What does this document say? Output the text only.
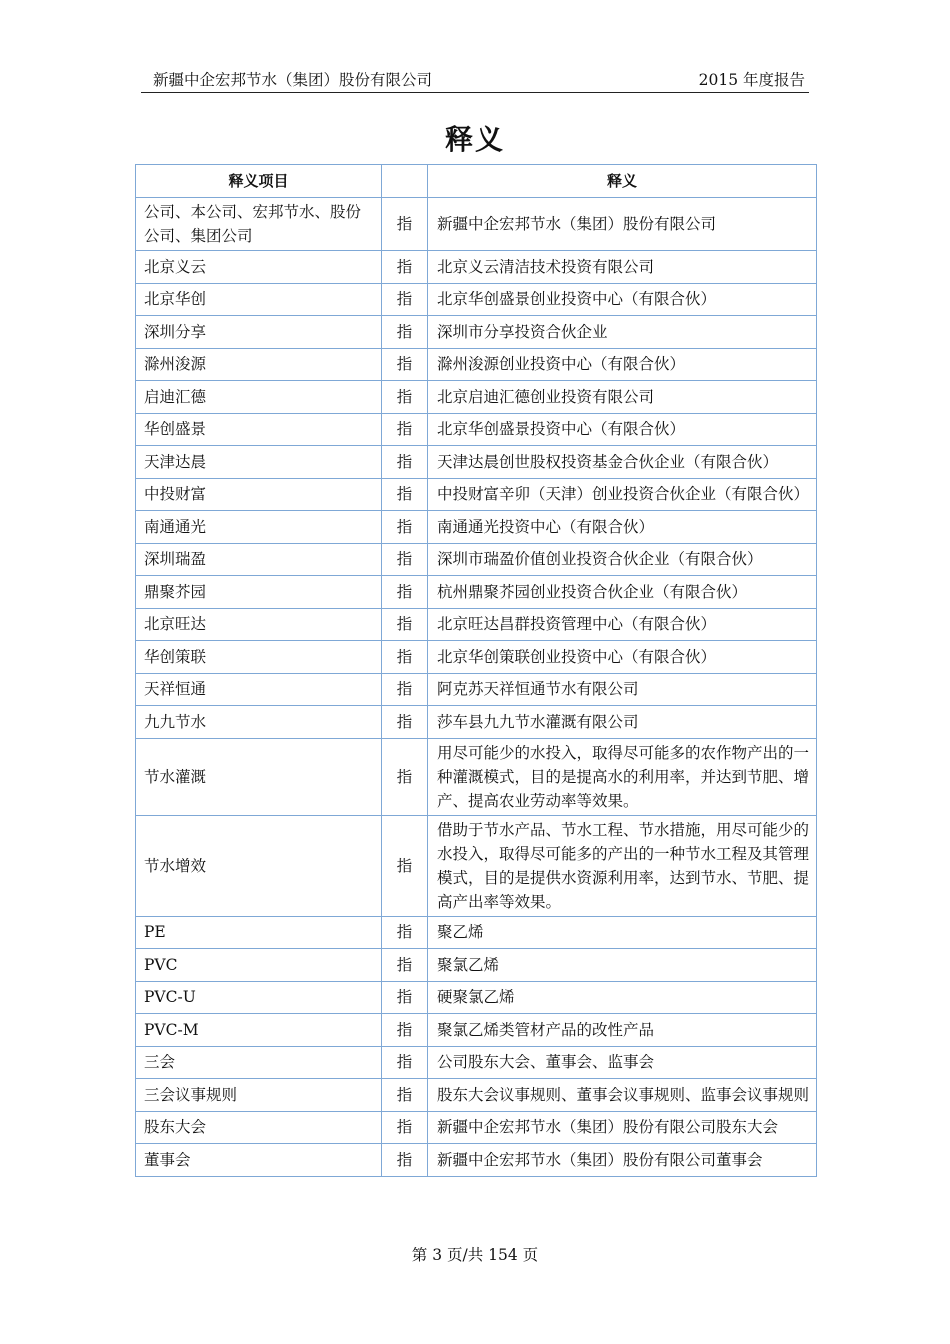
新疆中企宏邦节水（集团）股份有限公司	2015 年度报告
释义
释义项目		释义
公司、本公司、宏邦节水、股份公司、集团公司	指	新疆中企宏邦节水（集团）股份有限公司
北京义云	指	北京义云清洁技术投资有限公司
北京华创	指	北京华创盛景创业投资中心（有限合伙）
深圳分享	指	深圳市分享投资合伙企业
滁州浚源	指	滁州浚源创业投资中心（有限合伙）
启迪汇德	指	北京启迪汇德创业投资有限公司
华创盛景	指	北京华创盛景投资中心（有限合伙）
天津达晨	指	天津达晨创世股权投资基金合伙企业（有限合伙）
中投财富	指	中投财富辛卯（天津）创业投资合伙企业（有限合伙）
南通通光	指	南通通光投资中心（有限合伙）
深圳瑞盈	指	深圳市瑞盈价值创业投资合伙企业（有限合伙）
鼎聚芥园	指	杭州鼎聚芥园创业投资合伙企业（有限合伙）
北京旺达	指	北京旺达昌群投资管理中心（有限合伙）
华创策联	指	北京华创策联创业投资中心（有限合伙）
天祥恒通	指	阿克苏天祥恒通节水有限公司
九九节水	指	莎车县九九节水灌溉有限公司
节水灌溉	指	用尽可能少的水投入，取得尽可能多的农作物产出的一种灌溉模式，目的是提高水的利用率，并达到节肥、增产、提高农业劳动率等效果。
节水增效	指	借助于节水产品、节水工程、节水措施，用尽可能少的水投入，取得尽可能多的产出的一种节水工程及其管理模式，目的是提供水资源利用率，达到节水、节肥、提高产出率等效果。
PE	指	聚乙烯
PVC	指	聚氯乙烯
PVC-U	指	硬聚氯乙烯
PVC-M	指	聚氯乙烯类管材产品的改性产品
三会	指	公司股东大会、董事会、监事会
三会议事规则	指	股东大会议事规则、董事会议事规则、监事会议事规则
股东大会	指	新疆中企宏邦节水（集团）股份有限公司股东大会
董事会	指	新疆中企宏邦节水（集团）股份有限公司董事会
第 3 页/共 154 页
